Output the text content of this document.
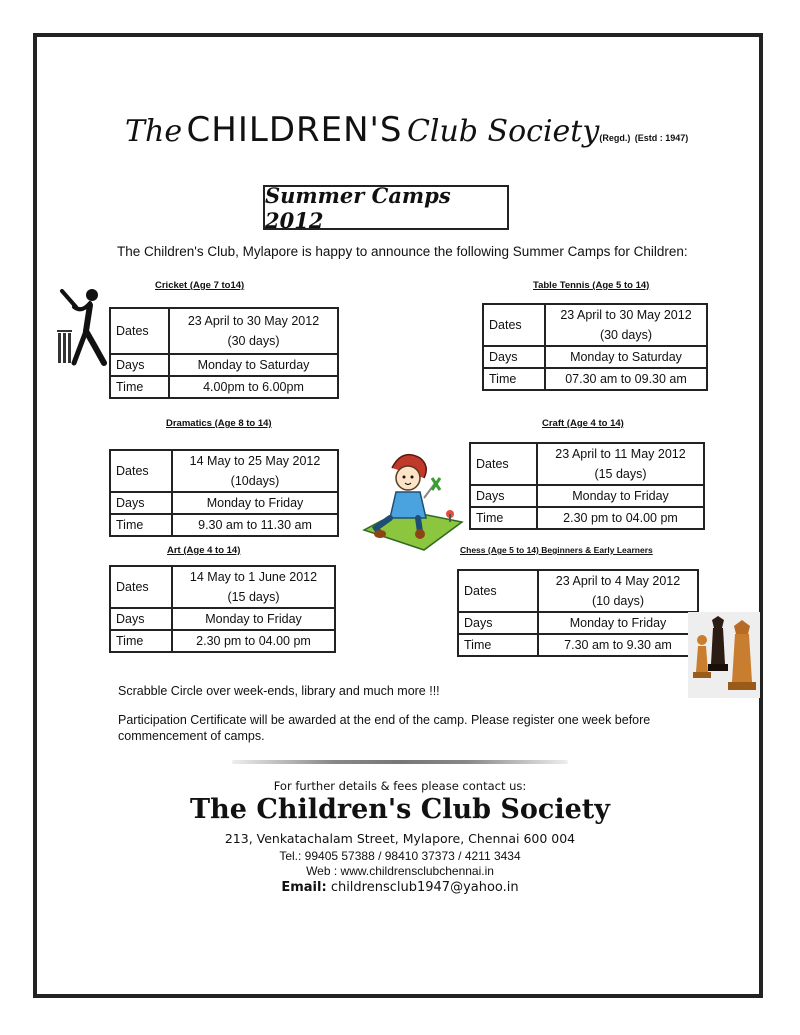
The CHILDREN'S Club Society(Regd.) (Estd : 1947)
Summer Camps 2012
The Children's Club, Mylapore is happy to announce the following Summer Camps for Children:
Cricket (Age 7 to14)
Dates	23 April to 30 May 2012
(30 days)

Days	Monday to Saturday
Time	4.00pm to 6.00pm
Table Tennis (Age 5 to 14)
Dates	23 April to 30 May 2012
(30 days)

Days	Monday to Saturday
Time	07.30 am to 09.30 am
Dramatics (Age 8 to 14)
Dates	14 May to 25 May 2012
(10days)

Days	Monday to Friday
Time	9.30 am to 11.30 am
Craft (Age 4 to 14)
Dates	23 April to 11 May 2012
(15 days)

Days	Monday to Friday
Time	2.30 pm to 04.00 pm
Art (Age 4 to 14)
Dates	14 May to 1 June 2012
(15 days)

Days	Monday to Friday
Time	2.30 pm to 04.00 pm
Chess (Age 5 to 14) Beginners & Early Learners
Dates	23 April to 4 May 2012
(10 days)

Days	Monday to Friday
Time	7.30 am to 9.30 am
Scrabble Circle over week-ends, library and much more !!!
Participation Certificate will be awarded at the end of the camp. Please register one week before commencement of camps.
For further details & fees please contact us:
The Children's Club Society
213, Venkatachalam Street, Mylapore, Chennai 600 004
Tel.: 99405 57388 / 98410 37373 / 4211 3434
Web : www.childrensclubchennai.in
Email: childrensclub1947@yahoo.in
